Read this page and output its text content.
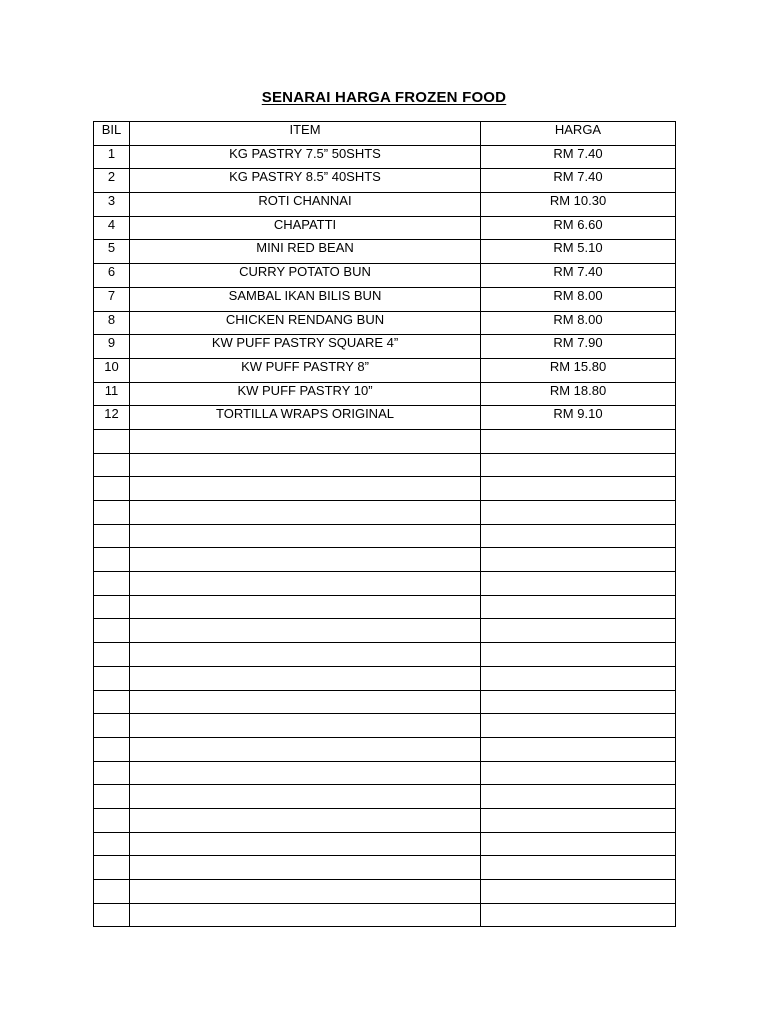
SENARAI HARGA FROZEN FOOD
BIL	ITEM	HARGA
1	KG PASTRY 7.5” 50SHTS	RM 7.40
2	KG PASTRY 8.5” 40SHTS	RM 7.40
3	ROTI CHANNAI	RM 10.30
4	CHAPATTI	RM 6.60
5	MINI RED BEAN	RM 5.10
6	CURRY POTATO BUN	RM 7.40
7	SAMBAL IKAN BILIS BUN	RM 8.00
8	CHICKEN RENDANG BUN	RM 8.00
9	KW PUFF PASTRY SQUARE 4”	RM 7.90
10	KW PUFF PASTRY 8”	RM 15.80
11	KW PUFF PASTRY 10”	RM 18.80
12	TORTILLA WRAPS ORIGINAL	RM 9.10
